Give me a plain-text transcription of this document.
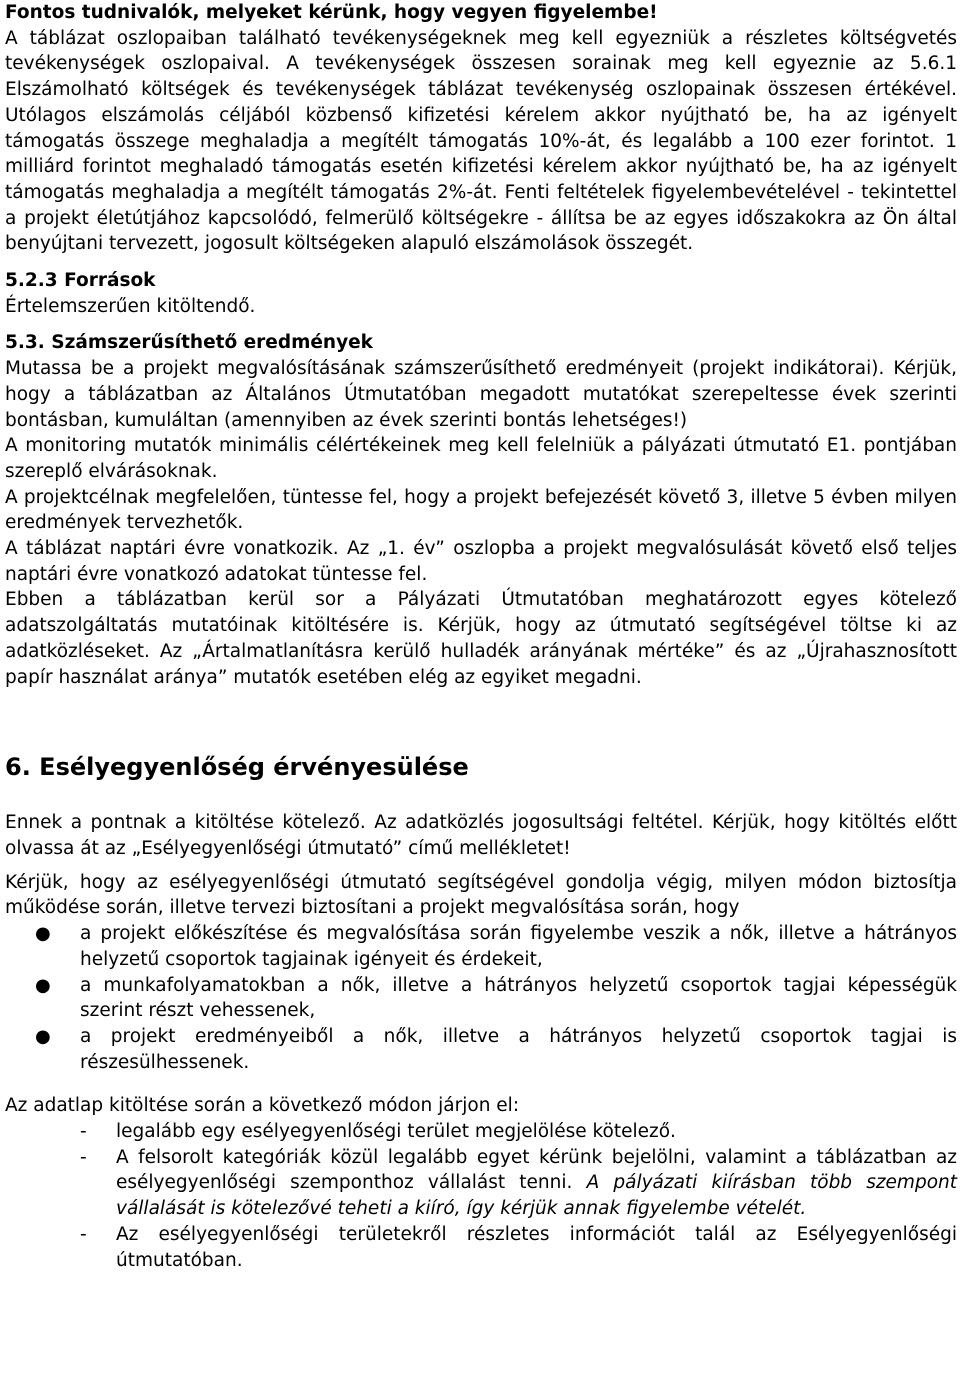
Fontos tudnivalók, melyeket kérünk, hogy vegyen figyelembe!
A táblázat oszlopaiban található tevékenységeknek meg kell egyezniük a részletes költségvetés tevékenységek oszlopaival. A tevékenységek összesen sorainak meg kell egyeznie az 5.6.1 Elszámolható költségek és tevékenységek táblázat tevékenység oszlopainak összesen értékével. Utólagos elszámolás céljából közbenső kifizetési kérelem akkor nyújtható be, ha az igényelt támogatás összege meghaladja a megítélt támogatás 10%-át, és legalább a 100 ezer forintot. 1 milliárd forintot meghaladó támogatás esetén kifizetési kérelem akkor nyújtható be, ha az igényelt támogatás meghaladja a megítélt támogatás 2%-át. Fenti feltételek figyelembevételével - tekintettel a projekt életútjához kapcsolódó, felmerülő költségekre - állítsa be az egyes időszakokra az Ön által benyújtani tervezett, jogosult költségeken alapuló elszámolások összegét.

5.2.3 Források

Értelemszerűen kitöltendő.

5.3. Számszerűsíthető eredmények

Mutassa be a projekt megvalósításának számszerűsíthető eredményeit (projekt indikátorai). Kérjük, hogy a táblázatban az Általános Útmutatóban megadott mutatókat szerepeltesse évek szerinti bontásban, kumuláltan (amennyiben az évek szerinti bontás lehetséges!)

A monitoring mutatók minimális célértékeinek meg kell felelniük a pályázati útmutató E1. pontjában szereplő elvárásoknak.

A projektcélnak megfelelően, tüntesse fel, hogy a projekt befejezését követő 3, illetve 5 évben milyen eredmények tervezhetők.

A táblázat naptári évre vonatkozik. Az „1. év” oszlopba a projekt megvalósulását követő első teljes naptári évre vonatkozó adatokat tüntesse fel.

Ebben a táblázatban kerül sor a Pályázati Útmutatóban meghatározott egyes kötelező adatszolgáltatás mutatóinak kitöltésére is. Kérjük, hogy az útmutató segítségével töltse ki az adatközléseket. Az „Ártalmatlanításra kerülő hulladék arányának mértéke” és az „Újrahasznosított papír használat aránya” mutatók esetében elég az egyiket megadni.

6. Esélyegyenlőség érvényesülése

Ennek a pontnak a kitöltése kötelező. Az adatközlés jogosultsági feltétel. Kérjük, hogy kitöltés előtt olvassa át az „Esélyegyenlőségi útmutató” című mellékletet!

Kérjük, hogy az esélyegyenlőségi útmutató segítségével gondolja végig, milyen módon biztosítja működése során, illetve tervezi biztosítani a projekt megvalósítása során, hogy

● a projekt előkészítése és megvalósítása során figyelembe veszik a nők, illetve a hátrányos helyzetű csoportok tagjainak igényeit és érdekeit,
● a munkafolyamatokban a nők, illetve a hátrányos helyzetű csoportok tagjai képességük szerint részt vehessenek,
● a projekt eredményeiből a nők, illetve a hátrányos helyzetű csoportok tagjai is részesülhessenek.

Az adatlap kitöltése során a következő módon járjon el:

- legalább egy esélyegyenlőségi terület megjelölése kötelező.
- A felsorolt kategóriák közül legalább egyet kérünk bejelölni, valamint a táblázatban az esélyegyenlőségi szemponthoz vállalást tenni. A pályázati kiírásban több szempont vállalását is kötelezővé teheti a kiíró, így kérjük annak figyelembe vételét.
- Az esélyegyenlőségi területekről részletes információt talál az Esélyegyenlőségi útmutatóban.
